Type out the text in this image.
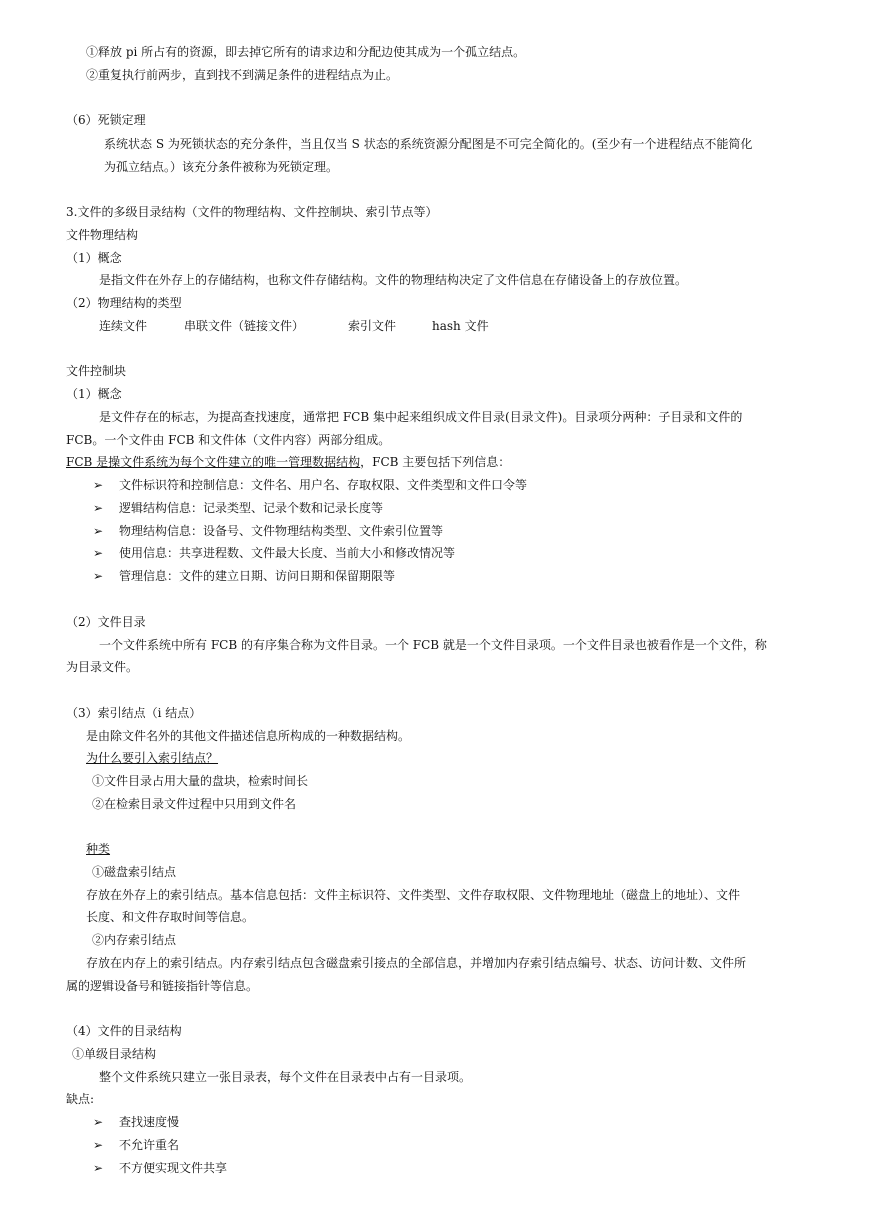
①释放 pi 所占有的资源，即去掉它所有的请求边和分配边使其成为一个孤立结点。
②重复执行前两步，直到找不到满足条件的进程结点为止。
（6）死锁定理
系统状态 S 为死锁状态的充分条件，当且仅当 S 状态的系统资源分配图是不可完全简化的。(至少有一个进程结点不能简化
为孤立结点。）该充分条件被称为死锁定理。
3.文件的多级目录结构（文件的物理结构、文件控制块、索引节点等）
文件物理结构
（1）概念
是指文件在外存上的存储结构，也称文件存储结构。文件的物理结构决定了文件信息在存储设备上的存放位置。
（2）物理结构的类型
连续文件	串联文件（链接文件）	索引文件	hash 文件
文件控制块
（1）概念
是文件存在的标志，为提高查找速度，通常把 FCB 集中起来组织成文件目录(目录文件)。目录项分两种：子目录和文件的
FCB。一个文件由 FCB 和文件体（文件内容）两部分组成。
FCB 是操文件系统为每个文件建立的唯一管理数据结构，FCB 主要包括下列信息：
➢ 文件标识符和控制信息：文件名、用户名、存取权限、文件类型和文件口令等
➢ 逻辑结构信息：记录类型、记录个数和记录长度等
➢ 物理结构信息：设备号、文件物理结构类型、文件索引位置等
➢ 使用信息：共享进程数、文件最大长度、当前大小和修改情况等
➢ 管理信息：文件的建立日期、访问日期和保留期限等
（2）文件目录
一个文件系统中所有 FCB 的有序集合称为文件目录。一个 FCB 就是一个文件目录项。一个文件目录也被看作是一个文件，称
为目录文件。
（3）索引结点（i 结点）
是由除文件名外的其他文件描述信息所构成的一种数据结构。
为什么要引入索引结点？
①文件目录占用大量的盘块，检索时间长
②在检索目录文件过程中只用到文件名
种类
①磁盘索引结点
存放在外存上的索引结点。基本信息包括：文件主标识符、文件类型、文件存取权限、文件物理地址（磁盘上的地址）、文件
长度、和文件存取时间等信息。
②内存索引结点
存放在内存上的索引结点。内存索引结点包含磁盘索引接点的全部信息，并增加内存索引结点编号、状态、访问计数、文件所
属的逻辑设备号和链接指针等信息。
（4）文件的目录结构
①单级目录结构
整个文件系统只建立一张目录表，每个文件在目录表中占有一目录项。
缺点:
➢ 查找速度慢
➢ 不允许重名
➢ 不方便实现文件共享
